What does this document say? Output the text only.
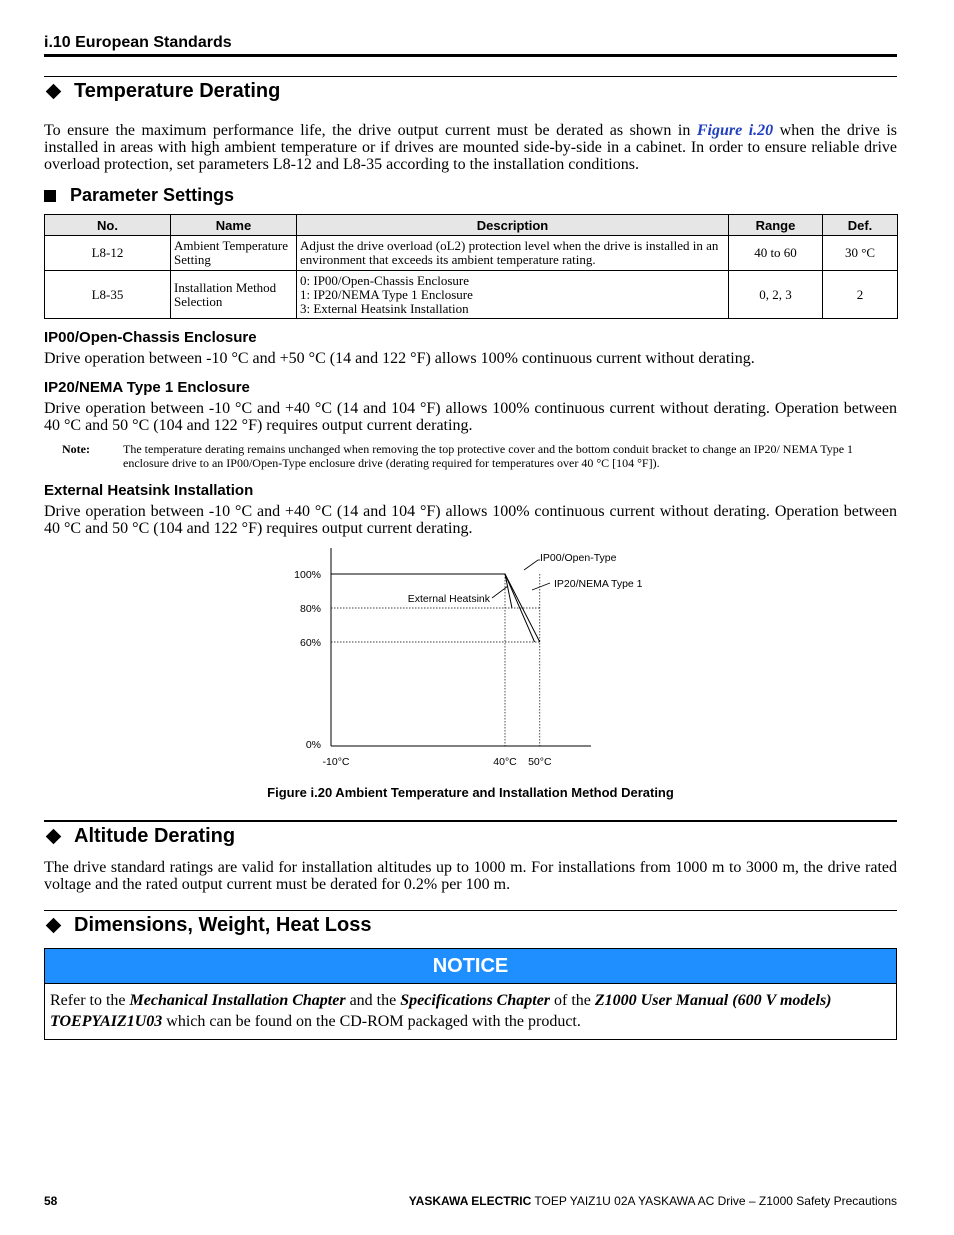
i.10 European Standards
Temperature Derating
To ensure the maximum performance life, the drive output current must be derated as shown in Figure i.20 when the drive is installed in areas with high ambient temperature or if drives are mounted side-by-side in a cabinet. In order to ensure reliable drive overload protection, set parameters L8-12 and L8-35 according to the installation conditions.
Parameter Settings
No.	Name	Description	Range	Def.
L8-12	Ambient Temperature Setting	Adjust the drive overload (oL2) protection level when the drive is installed in an environment that exceeds its ambient temperature rating.	40 to 60	30 °C
L8-35	Installation Method Selection	0: IP00/Open-Chassis Enclosure
1: IP20/NEMA Type 1 Enclosure
3: External Heatsink Installation	0, 2, 3	2
IP00/Open-Chassis Enclosure
Drive operation between -10 °C and +50 °C (14 and 122 °F) allows 100% continuous current without derating.
IP20/NEMA Type 1 Enclosure
Drive operation between -10 °C and +40 °C (14 and 104 °F) allows 100% continuous current without derating. Operation between 40 °C and 50 °C (104 and 122 °F) requires output current derating.
Note:	The temperature derating remains unchanged when removing the top protective cover and the bottom conduit bracket to change an IP20/ NEMA Type 1 enclosure drive to an IP00/Open-Type enclosure drive (derating required for temperatures over 40 °C [104 °F]).
External Heatsink Installation
Drive operation between -10 °C and +40 °C (14 and 104 °F) allows 100% continuous current without derating. Operation between 40 °C and 50 °C (104 and 122 °F) requires output current derating.
100%
80%
60%
0%
-10°C	40°C 50°C
IP00/Open-Type
IP20/NEMA Type 1
External Heatsink
Figure i.20 Ambient Temperature and Installation Method Derating
Altitude Derating
The drive standard ratings are valid for installation altitudes up to 1000 m. For installations from 1000 m to 3000 m, the drive rated voltage and the rated output current must be derated for 0.2% per 100 m.
Dimensions, Weight, Heat Loss
NOTICE
Refer to the Mechanical Installation Chapter and the Specifications Chapter of the Z1000 User Manual (600 V models) TOEPYAIZ1U03 which can be found on the CD-ROM packaged with the product.
58	YASKAWA ELECTRIC TOEP YAIZ1U 02A YASKAWA AC Drive – Z1000 Safety Precautions
